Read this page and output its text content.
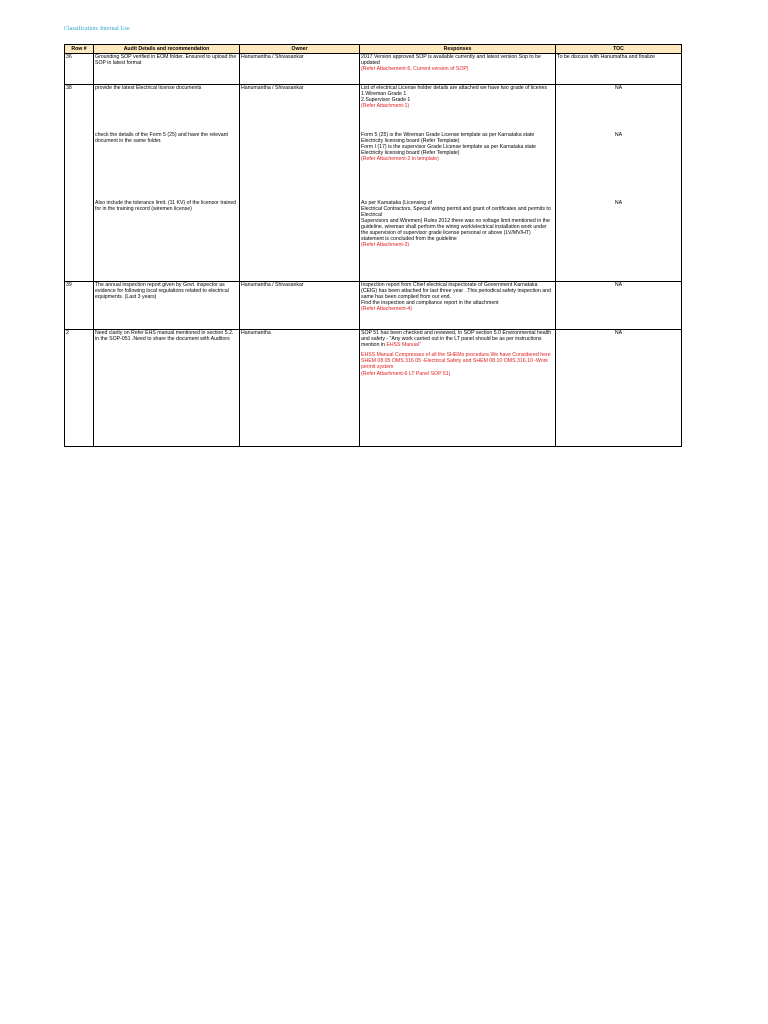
Classification: Internal Use
Row #	Audit Details and recommendation	Owner	Responses	TOC
36	Grounding SOP verified in EOM folder. Ensured to upload the SOP in latest format	Hanumantha / Shivasankar	2017 Version approved SOP is available currently and latest version Sop to be updated
(Refer Attachement-5, Current version of SOP)	To be discuss with Hanumatha and finalize
38	provide the latest Electrical license documents	Hanumantha / Shivasankar	List of electrical License holder details are attached we have two grade of licenes
1.Wireman Grade 1
2.Supervisor Grade 1
(Refer Attachment-1)	NA
	check the details of the Form 5 (25) and have the relevant document in the same folder.		Form 5 (25) is the Wireman Grade License template as per Karnataka state Electricity licensing board (Refer Template)
Form I (17) is the supervisor Grade License template as per Karnataka state Electricity licensing board (Refer Template)
(Refer Attachement-2 in template)	NA
	Also include the tolerance limit. (11 KV) of the licensor trained for in the training record (wiremen license)		As per Karnataka (Licensing of
Electrical Contractors, Special wiring permit and grant of certificates and permits to Electrical
Supervisors and Wiremen) Rules 2012 there was no voltage limit mentioned in the guideline, wireman shall perform the wiring work/electrical installation work under the supervision of supervisor grade license personal or above (LV/MV/HT) statement is concluded from the guideline
(Refer Attachment-3)	NA
39	The annual inspection report given by Govt. inspector as evidence for following local regulations related to electrical equipments. (Last 3 years)	Hanumantha / Shivasankar	Inspection report from Chief electrical inspectorate of Government Karnataka (CEIG) has been attached for last three year . This periodical safety inspection and same has been complied from our end.
Find the inspection and compliance report in the attachment
(Refer Attachement-4)	NA
2	Need clarity on Refer EHS manual mentioned in section 5.2. in the SOP-051 .Need to share the document with Auditors	Hanumantha	SOP 51 has been checked and reviewed, In SOP section 5.0 Environmental health and safety - "Any work carried out in the LT panel should be as per instructions mention in EHSS Manual"
EHSS Manual Compresses of all the SHEMs procedure,We have Considered here SHEM 08.05 OMS 316.05 -Electrical Safety and SHEM 08.10 OMS 316.10 -Work permit system
(Refer Attachment-6 LT Panel SOP 51)	NA
